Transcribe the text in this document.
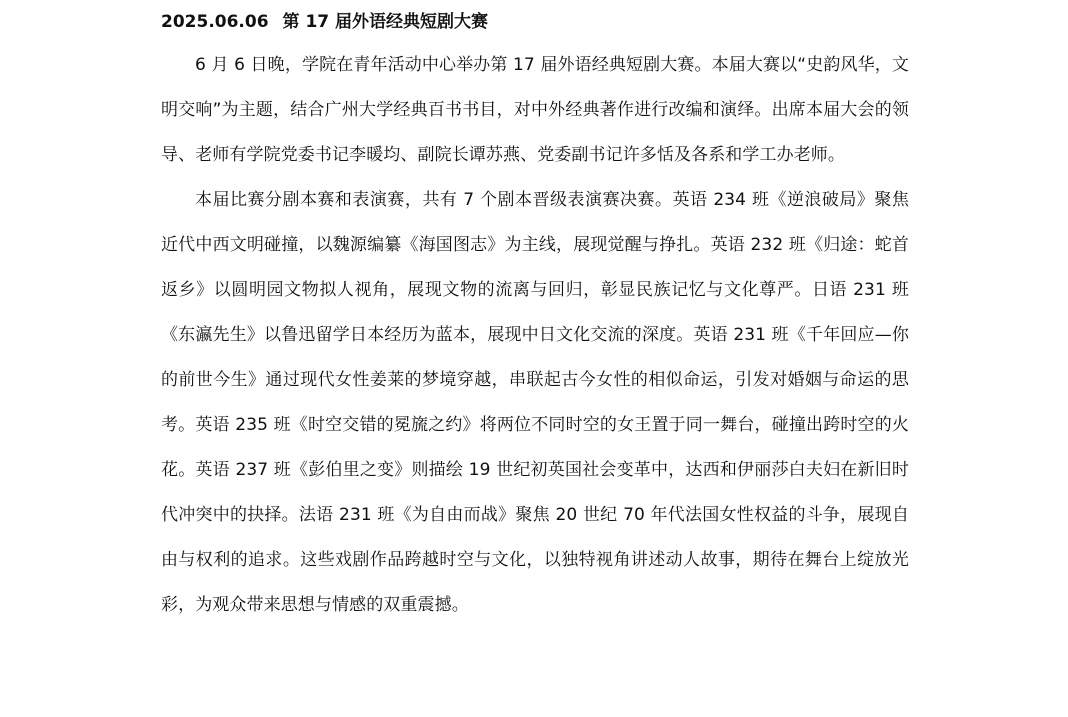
2025.06.06 第 17 届外语经典短剧大赛

6 月 6 日晚，学院在青年活动中心举办第 17 届外语经典短剧大赛。本届大赛以“史韵风华，文明交响”为主题，结合广州大学经典百书书目，对中外经典著作进行改编和演绎。出席本届大会的领导、老师有学院党委书记李暖均、副院长谭苏燕、党委副书记许多恬及各系和学工办老师。

本届比赛分剧本赛和表演赛，共有 7 个剧本晋级表演赛决赛。英语 234 班《逆浪破局》聚焦近代中西文明碰撞，以魏源编纂《海国图志》为主线，展现觉醒与挣扎。英语 232 班《归途：蛇首返乡》以圆明园文物拟人视角，展现文物的流离与回归，彰显民族记忆与文化尊严。日语 231 班《东瀛先生》以鲁迅留学日本经历为蓝本，展现中日文化交流的深度。英语 231 班《千年回应—你的前世今生》通过现代女性姜莱的梦境穿越，串联起古今女性的相似命运，引发对婚姻与命运的思考。英语 235 班《时空交错的冕旒之约》将两位不同时空的女王置于同一舞台，碰撞出跨时空的火花。英语 237 班《彭伯里之变》则描绘 19 世纪初英国社会变革中，达西和伊丽莎白夫妇在新旧时代冲突中的抉择。法语 231 班《为自由而战》聚焦 20 世纪 70 年代法国女性权益的斗争，展现自由与权利的追求。这些戏剧作品跨越时空与文化，以独特视角讲述动人故事，期待在舞台上绽放光彩，为观众带来思想与情感的双重震撼。
